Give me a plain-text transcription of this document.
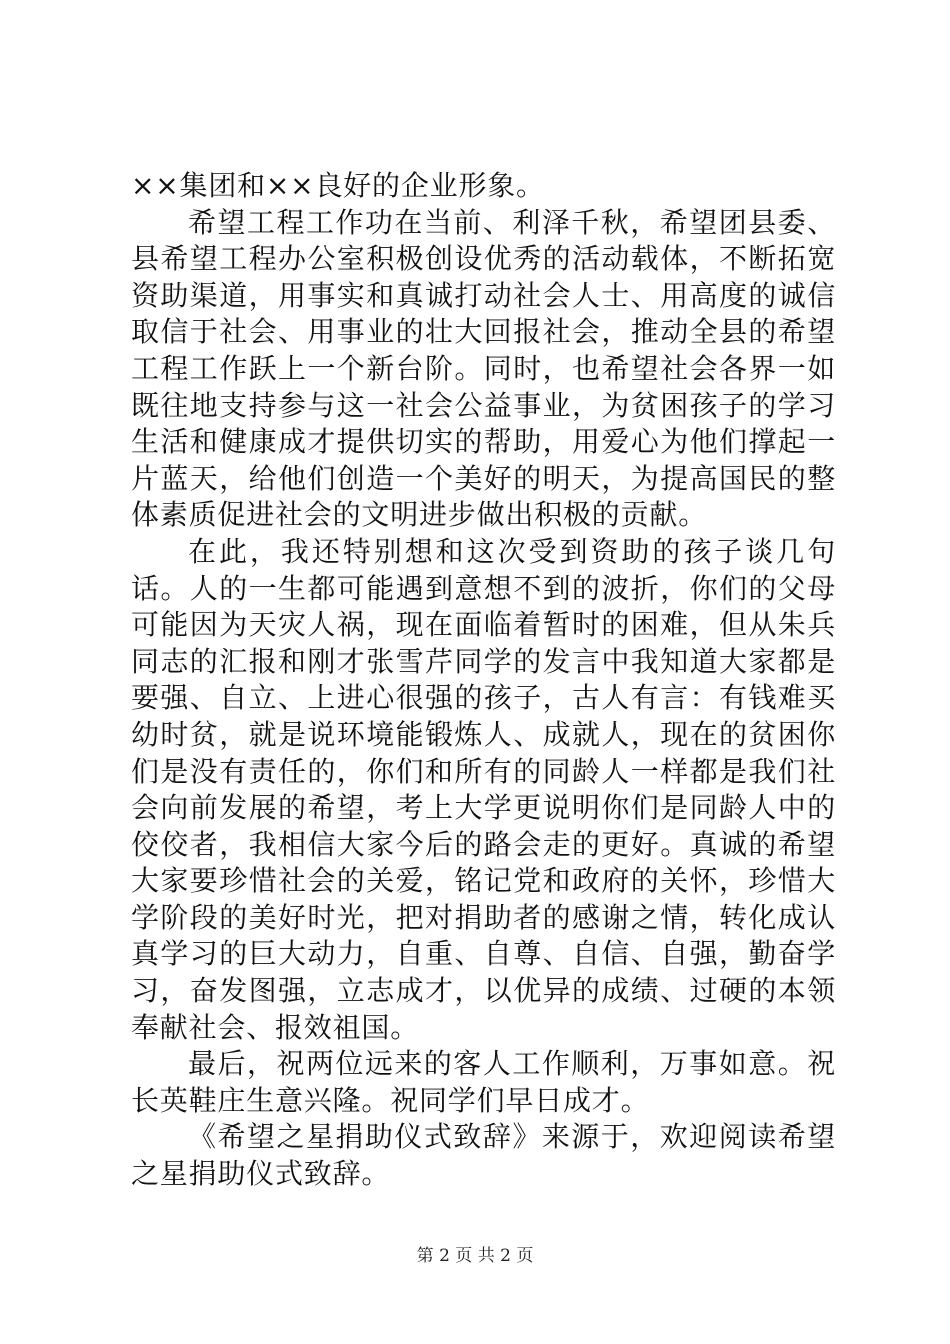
××集团和××良好的企业形象。

希望工程工作功在当前、利泽千秋，希望团县委、县希望工程办公室积极创设优秀的活动载体，不断拓宽资助渠道，用事实和真诚打动社会人士、用高度的诚信取信于社会、用事业的壮大回报社会，推动全县的希望工程工作跃上一个新台阶。同时，也希望社会各界一如既往地支持参与这一社会公益事业，为贫困孩子的学习生活和健康成才提供切实的帮助，用爱心为他们撑起一片蓝天，给他们创造一个美好的明天，为提高国民的整体素质促进社会的文明进步做出积极的贡献。

在此，我还特别想和这次受到资助的孩子谈几句话。人的一生都可能遇到意想不到的波折，你们的父母可能因为天灾人祸，现在面临着暂时的困难，但从朱兵同志的汇报和刚才张雪芹同学的发言中我知道大家都是要强、自立、上进心很强的孩子，古人有言：有钱难买幼时贫，就是说环境能锻炼人、成就人，现在的贫困你们是没有责任的，你们和所有的同龄人一样都是我们社会向前发展的希望，考上大学更说明你们是同龄人中的佼佼者，我相信大家今后的路会走的更好。真诚的希望大家要珍惜社会的关爱，铭记党和政府的关怀，珍惜大学阶段的美好时光，把对捐助者的感谢之情，转化成认真学习的巨大动力，自重、自尊、自信、自强，勤奋学习，奋发图强，立志成才，以优异的成绩、过硬的本领奉献社会、报效祖国。

最后，祝两位远来的客人工作顺利，万事如意。祝长英鞋庄生意兴隆。祝同学们早日成才。

《希望之星捐助仪式致辞》来源于，欢迎阅读希望之星捐助仪式致辞。

第 2 页 共 2 页
